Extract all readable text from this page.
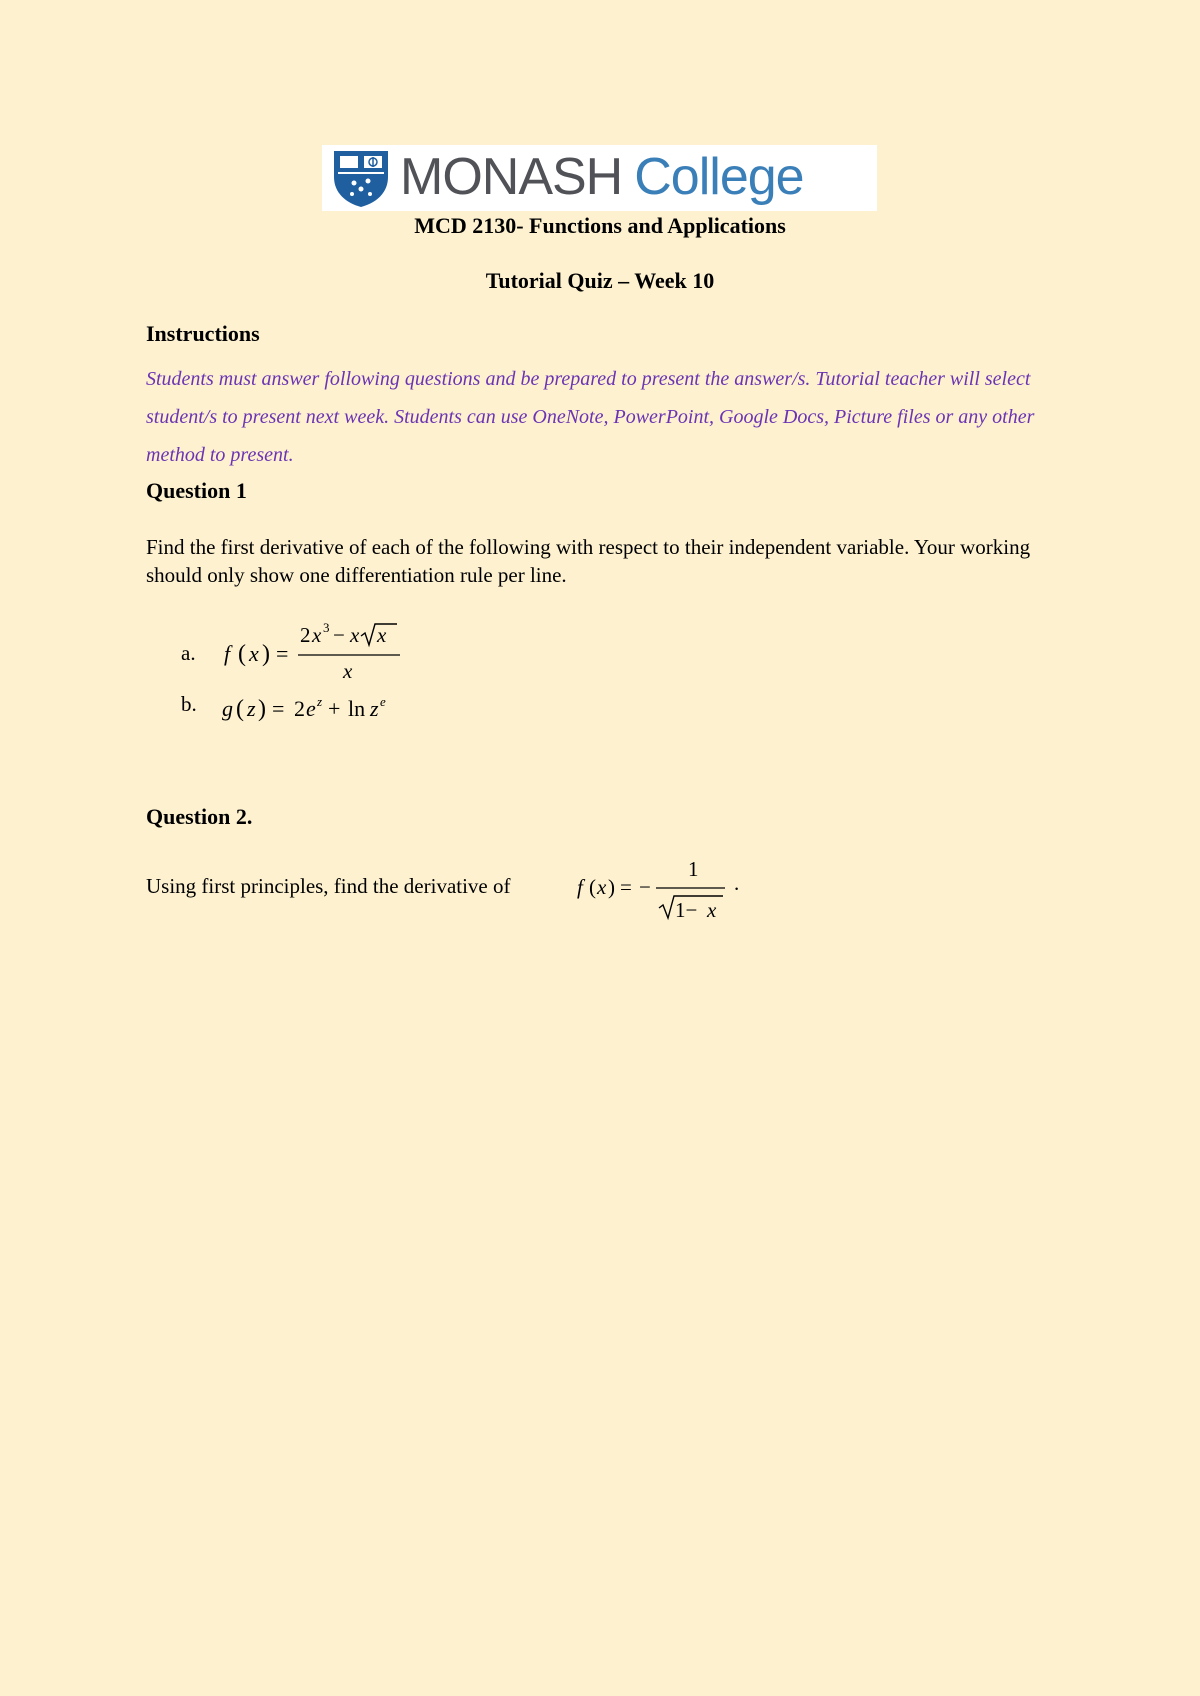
MONASH College
MCD 2130- Functions and Applications
Tutorial Quiz – Week 10
Instructions
Students must answer following questions and be prepared to present the answer/s. Tutorial teacher will select student/s to present next week. Students can use OneNote, PowerPoint, Google Docs, Picture files or any other method to present.
Question 1
Find the first derivative of each of the following with respect to their independent variable. Your working should only show one differentiation rule per line.
a. f ( x ) =
2 x 3 − x x
x
b. g ( z ) = 2 e z + ln z e
Question 2.
Using first principles, find the derivative of	f ( x ) = −
1
1− x
.
